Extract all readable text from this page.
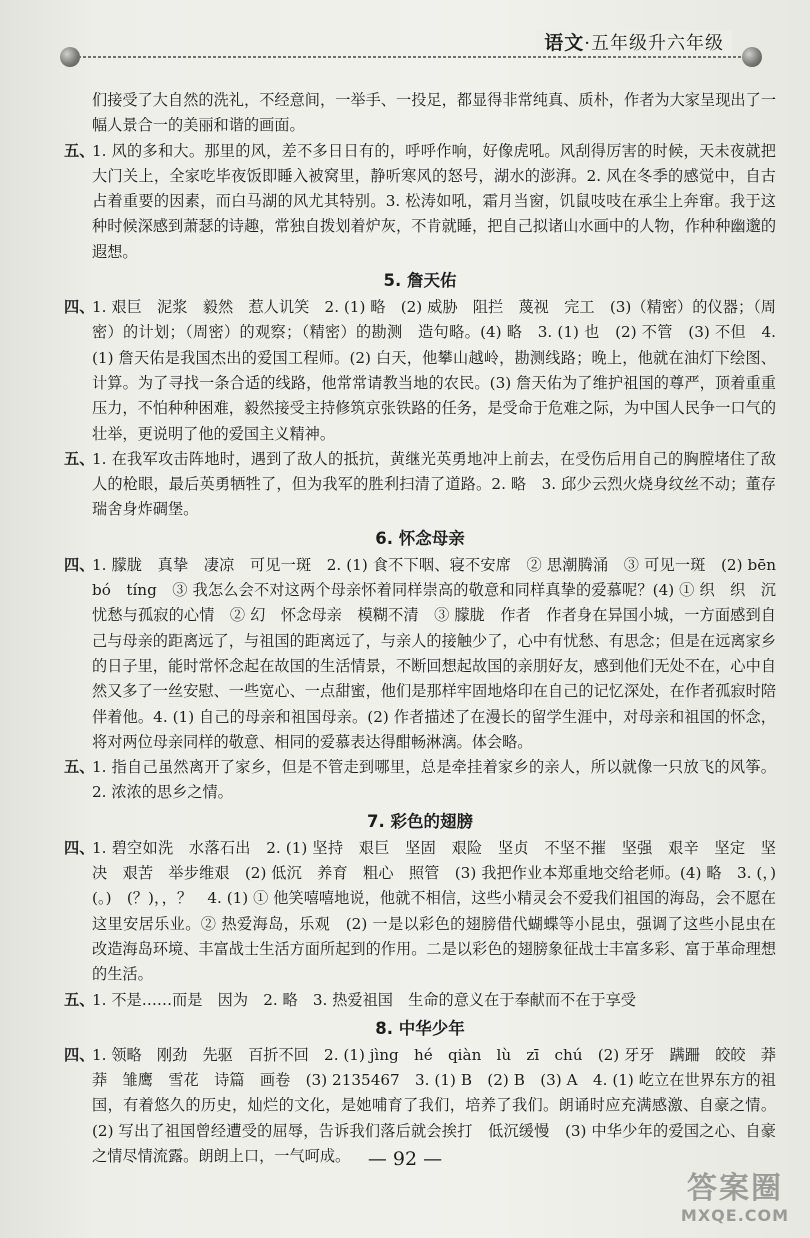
语文·五年级升六年级
们接受了大自然的洗礼，不经意间，一举手、一投足，都显得非常纯真、质朴，作者为大家呈现出了一幅人景合一的美丽和谐的画面。
五、
1. 风的多和大。那里的风，差不多日日有的，呼呼作响，好像虎吼。风刮得厉害的时候，天未夜就把大门关上，全家吃毕夜饭即睡入被窝里，静听寒风的怒号，湖水的澎湃。2. 风在冬季的感觉中，自古占着重要的因素，而白马湖的风尤其特别。3. 松涛如吼，霜月当窗，饥鼠吱吱在承尘上奔窜。我于这种时候深感到萧瑟的诗趣，常独自拨划着炉灰，不肯就睡，把自己拟诸山水画中的人物，作种种幽邈的遐想。
5. 詹天佑
四、
1. 艰巨　泥浆　毅然　惹人讥笑　2. (1) 略　(2) 威胁　阻拦　蔑视　完工　(3)（精密）的仪器；（周密）的计划；（周密）的观察；（精密）的勘测　造句略。(4) 略　3. (1) 也　(2) 不管　(3) 不但　4. (1) 詹天佑是我国杰出的爱国工程师。(2) 白天，他攀山越岭，勘测线路；晚上，他就在油灯下绘图、计算。为了寻找一条合适的线路，他常常请教当地的农民。(3) 詹天佑为了维护祖国的尊严，顶着重重压力，不怕种种困难，毅然接受主持修筑京张铁路的任务，是受命于危难之际，为中国人民争一口气的壮举，更说明了他的爱国主义精神。
五、
1. 在我军攻击阵地时，遇到了敌人的抵抗，黄继光英勇地冲上前去，在受伤后用自己的胸膛堵住了敌人的枪眼，最后英勇牺牲了，但为我军的胜利扫清了道路。2. 略　3. 邱少云烈火烧身纹丝不动；董存瑞舍身炸碉堡。
6. 怀念母亲
四、
1. 朦胧　真挚　凄凉　可见一斑　2. (1) 食不下咽、寝不安席　② 思潮腾涌　③ 可见一斑　(2) bēn　bó　tíng　③ 我怎么会不对这两个母亲怀着同样崇高的敬意和同样真挚的爱慕呢？(4) ① 织　织　沉　忧愁与孤寂的心情　② 幻　怀念母亲　模糊不清　③ 朦胧　作者　作者身在异国小城，一方面感到自己与母亲的距离远了，与祖国的距离远了，与亲人的接触少了，心中有忧愁、有思念；但是在远离家乡的日子里，能时常怀念起在故国的生活情景，不断回想起故国的亲朋好友，感到他们无处不在，心中自然又多了一丝安慰、一些宽心、一点甜蜜，他们是那样牢固地烙印在自己的记忆深处，在作者孤寂时陪伴着他。4. (1) 自己的母亲和祖国母亲。(2) 作者描述了在漫长的留学生涯中，对母亲和祖国的怀念，将对两位母亲同样的敬意、相同的爱慕表达得酣畅淋漓。体会略。
五、
1. 指自己虽然离开了家乡，但是不管走到哪里，总是牵挂着家乡的亲人，所以就像一只放飞的风筝。2. 浓浓的思乡之情。
7. 彩色的翅膀
四、
1. 碧空如洗　水落石出　2. (1) 坚持　艰巨　坚固　艰险　坚贞　不坚不摧　坚强　艰辛　坚定　坚决　艰苦　举步维艰　(2) 低沉　养育　粗心　照管　(3) 我把作业本郑重地交给老师。(4) 略　3. (，)　(。)　(？)，，？　4. (1) ① 他笑嘻嘻地说，他就不相信，这些小精灵会不爱我们祖国的海岛，会不愿在这里安居乐业。② 热爱海岛，乐观　(2) 一是以彩色的翅膀借代蝴蝶等小昆虫，强调了这些小昆虫在改造海岛环境、丰富战士生活方面所起到的作用。二是以彩色的翅膀象征战士丰富多彩、富于革命理想的生活。
五、
1. 不是……而是　因为　2. 略　3. 热爱祖国　生命的意义在于奉献而不在于享受
8. 中华少年
四、
1. 领略　刚劲　先驱　百折不回　2. (1) jìng　hé　qiàn　lù　zī　chú　(2) 牙牙　蹒跚　皎皎　莽莽　雏鹰　雪花　诗篇　画卷　(3) 2135467　3. (1) B　(2) B　(3) A　4. (1) 屹立在世界东方的祖国，有着悠久的历史，灿烂的文化，是她哺育了我们，培养了我们。朗诵时应充满感激、自豪之情。(2) 写出了祖国曾经遭受的屈辱，告诉我们落后就会挨打　低沉缓慢　(3) 中华少年的爱国之心、自豪之情尽情流露。朗朗上口，一气呵成。 — 92 —
答案圈
MXQE.COM
